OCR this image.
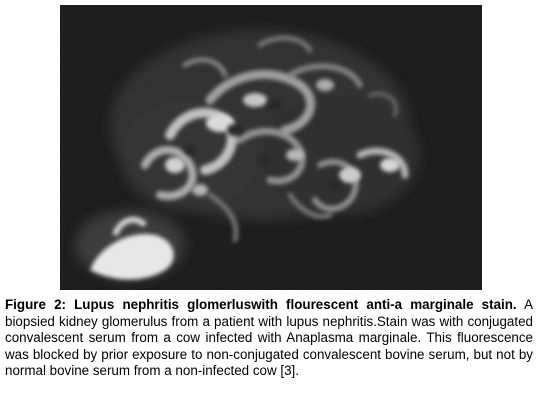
Figure 2: Lupus nephritis glomerluswith flourescent anti-a marginale stain. A biopsied kidney glomerulus from a patient with lupus nephritis.Stain was with conjugated convalescent serum from a cow infected with Anaplasma marginale. This fluorescence was blocked by prior exposure to non-conjugated convalescent bovine serum, but not by normal bovine serum from a non-infected cow [3].
